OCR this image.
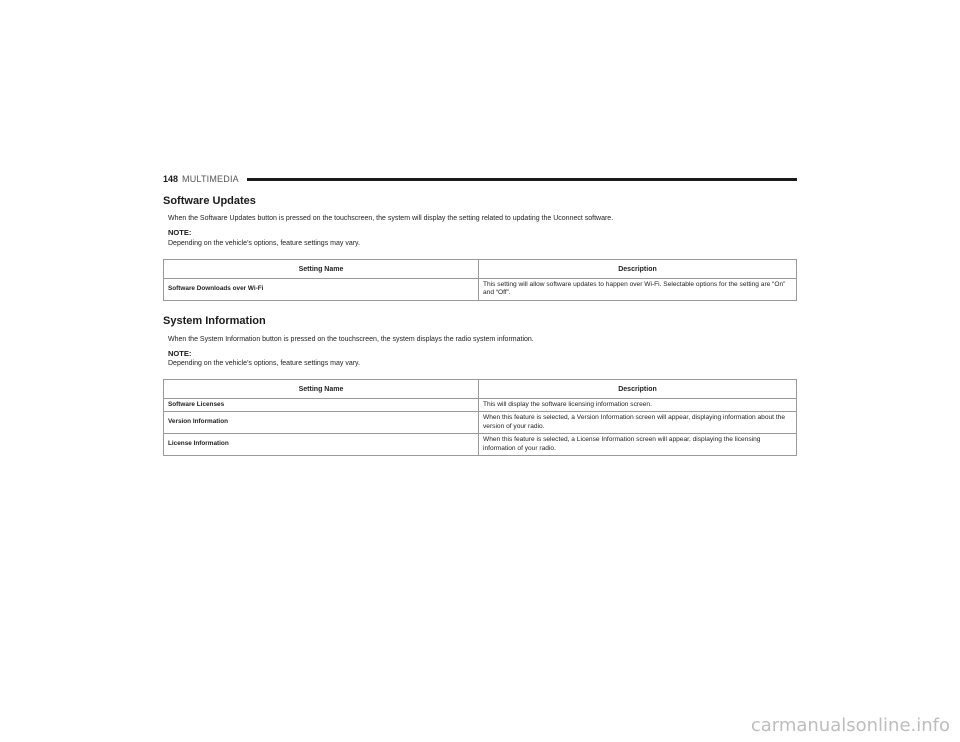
148 MULTIMEDIA
Software Updates
When the Software Updates button is pressed on the touchscreen, the system will display the setting related to updating the Uconnect software.
NOTE:
Depending on the vehicle’s options, feature settings may vary.
Setting Name	Description
Software Downloads over Wi-Fi	This setting will allow software updates to happen over Wi-Fi. Selectable options for the setting are “On” and “Off”.
System Information
When the System Information button is pressed on the touchscreen, the system displays the radio system information.
NOTE:
Depending on the vehicle’s options, feature settings may vary.
Setting Name	Description
Software Licenses	This will display the software licensing information screen.
Version Information	When this feature is selected, a Version Information screen will appear, displaying information about the version of your radio.
License Information	When this feature is selected, a License Information screen will appear, displaying the licensing information of your radio.
carmanualsonline.info
